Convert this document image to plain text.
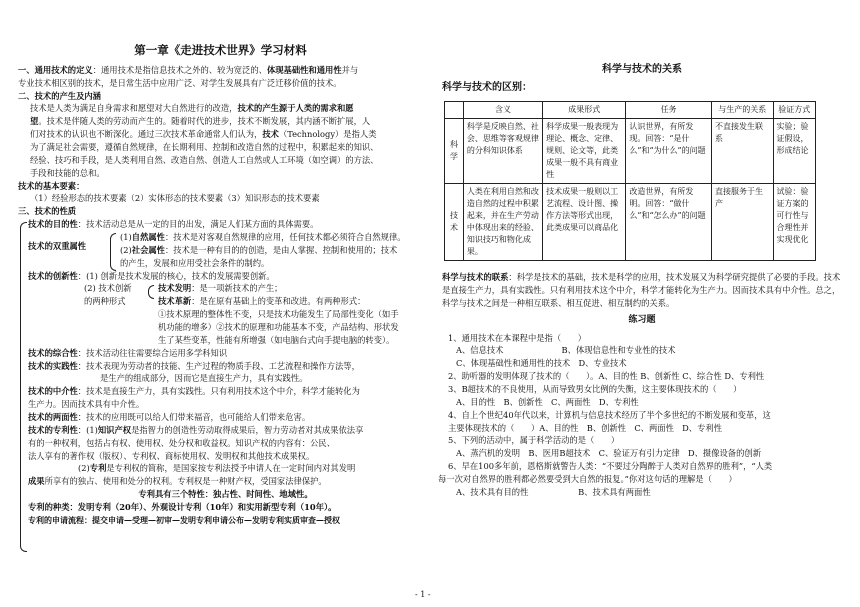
第一章《走进技术世界》学习材料

一、通用技术的定义：通用技术是指信息技术之外的、较为宽泛的、体现基础性和通用性并与
专业技术相区别的技术，是日常生活中应用广泛、对学生发展具有广泛迁移价值的技术。

二、技术的产生及内涵

技术是人类为满足自身需求和愿望对大自然进行的改造，技术的产生源于人类的需求和愿
望。技术是伴随人类的劳动而产生的。随着时代的进步，技术不断发展，其内涵不断扩展，人
们对技术的认识也不断深化。通过三次技术革命通常人们认为，技术（Technology）是指人类
为了满足社会需要，遵循自然规律，在长期利用、控制和改造自然的过程中，积累起来的知识、
经验、技巧和手段，是人类利用自然、改造自然、创造人工自然或人工环境（如空调）的方法、
手段和技能的总和。

技术的基本要素：

（1）经验形态的技术要素（2）实体形态的技术要素（3）知识形态的技术要素

三、技术的性质

技术的目的性：技术活动总是从一定的目的出发，满足人们某方面的具体需要。

技术的双重属性

(1)自然属性：技术是对客观自然规律的应用，任何技术都必须符合自然规律。

(2)社会属性：技术是一种有目的的创造，是由人掌握、控制和使用的；技术
的产生，发展和应用受社会条件的制约。

技术的创新性：(1) 创新是技术发展的核心，技术的发展需要创新。

(2) 技术创新
的两种形式

技术发明：是一项新技术的产生；

技术革新：是在原有基础上的变革和改进。有两种形式：

①技术原理的整体性不变，只是技术功能发生了局部性变化（如手
机功能的增多）②技术的原理和功能基本不变，产品结构、形状发
生了某些变革，性能有所增强（如电脑台式向手提电脑的转变）。

技术的综合性：技术活动往往需要综合运用多学科知识

技术的实践性：技术表现为劳动者的技能、生产过程的物质手段、工艺流程和操作方法等，
是生产的组成部分，因而它是直接生产力，具有实践性。

技术的中介性：技术是直接生产力，具有实践性。只有利用技术这个中介，科学才能转化为
生产力。因而技术具有中介性。

技术的两面性：技术的应用既可以给人们带来福音，也可能给人们带来危害。

技术的专利性：(1)知识产权是指智力的创造性劳动取得成果后，智力劳动者对其成果依法享
有的一种权利，包括占有权、使用权、处分权和收益权。知识产权的内容有：公民、
法人享有的著作权（版权）、专利权、商标使用权、发明权和其他技术成果权。

(2)专利是专利权的简称，是国家按专利法授予申请人在一定时间内对其发明

成果所享有的独占、使用和处分的权利。专利权是一种财产权，受国家法律保护。

专利具有三个特性：独占性、时间性、地域性。

专利的种类：发明专利（20年）、外观设计专利（10年）和实用新型专利（10年）。

专利的申请流程：提交申请—受理—初审—发明专利申请公布—发明专利实质审查—授权

科学与技术的关系
科学与技术的区别：
	含义	成果形式	任务	与生产的关系	验证方式
科学	科学是反映自然、社会、思维等客观规律的分科知识体系	科学成果一般表现为理论、概念、定律、规则、论文等，此类成果一般不具有商业性	认识世界，有所发现。回答：“是什么”和“为什么”的问题	不直接发生联系	实验；验证假设，形成结论
技术	人类在利用自然和改造自然的过程中积累起来，并在生产劳动中体现出来的经验、知识技巧和物化成果。	技术成果一般则以工艺流程、设计图、操作方法等形式出现，此类成果可以商品化	改造世界，有所发明。回答：“做什么”和“怎么办”的问题	直接服务于生产	试验：验证方案的可行性与合理性并实现优化

科学与技术的联系：科学是技术的基础，技术是科学的应用，技术发展又为科学研究提供了必要的手段。技术是直接生产力，具有实践性。只有利用技术这个中介，科学才能转化为生产力。因而技术具有中介性。总之，科学与技术之间是一种相互联系、相互促进、相互制约的关系。

练习题

1、通用技术在本课程中是指（　　）

A、信息技术　　　　　　　B、体现信息性和专业性的技术

C、体现基础性和通用性的技术　D、专业技术

2、助听器的发明体现了技术的（　　）。A、目的性 B、创新性 C、综合性 D、专利性

3、B超技术的不良使用，从而导致男女比例的失衡，这主要体现技术的（　　）

A、目的性　B、创新性　C、两面性　D、专利性

4、自上个世纪40年代以来，计算机与信息技术经历了半个多世纪的不断发展和变革，这

主要体现技术的（　　）A、目的性　B、创新性　C、两面性　D、专利性

5、下列的活动中，属于科学活动的是（　　）

A、蒸汽机的发明　B、医用B超技术　C、验证万有引力定律　D、摄像设备的创新

6、早在100多年前，恩格斯就警告人类：“不要过分陶醉于人类对自然界的胜利”，“人类

每一次对自然界的胜利都必然要受到大自然的报复。”你对这句话的理解是（　　）

A、技术具有目的性　　　　　　B、技术具有两面性

- 1 -
